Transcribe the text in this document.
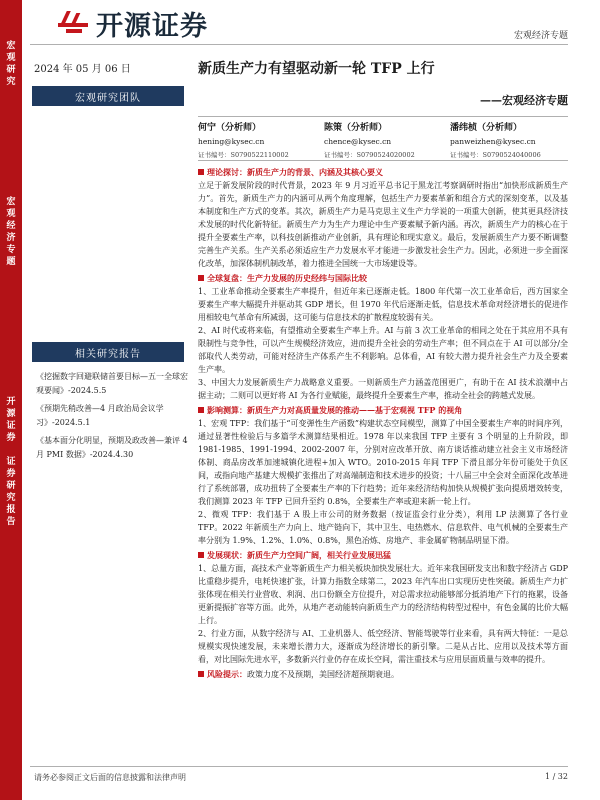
宏
观
研
究
宏
观
经
济
专
题
开
源
证
券

证
券
研
究
报
告
开源证券	宏观经济专题
2024 年 05 月 06 日
宏观研究团队
新质生产力有望驱动新一轮 TFP 上行
——宏观经济专题
何宁（分析师）
hening@kysec.cn
证书编号：S0790522110002
陈策（分析师）
chence@kysec.cn
证书编号：S0790524020002
潘纬桢（分析师）
panweizhen@kysec.cn
证书编号：S0790524040006
理论探讨：新质生产力的背景、内涵及其核心要义
立足于新发展阶段的时代背景，2023 年 9 月习近平总书记于黑龙江考察调研时指出“加快形成新质生产力”。首先，新质生产力的内涵可从两个角度理解，包括生产力要素革新和组合方式的深刻变革，以及基本制度和生产方式的变革。其次，新质生产力是马克思主义生产力学说的一项重大创新，使其更具经济技术发展的时代化新特征。新质生产力为生产力理论中生产要素赋予新内涵。再次，新质生产力的核心在于提升全要素生产率，以科技创新推动产业创新，具有理论和现实意义。最后，发展新质生产力要不断调整完善生产关系。生产关系必须适应生产力发展水平才能进一步激发社会生产力。因此，必须进一步全面深化改革，加深体制机制改革，着力推进全国统一大市场建设等。
全球复盘：生产力发展的历史经纬与国际比较
1、工业革命推动全要素生产率提升，但近年来已逐渐走低。1800 年代第一次工业革命后，西方国家全要素生产率大幅提升并驱动其 GDP 增长，但 1970 年代后逐渐走低，信息技术革命对经济增长的促进作用相较电气革命有所减弱，这可能与信息技术的扩散程度较弱有关。
2、AI 时代或将来临，有望推动全要素生产率上升。AI 与前 3 次工业革命的相同之处在于其应用不具有限制性与竞争性，可以产生规模经济效应，进而提升全社会的劳动生产率；但不同点在于 AI 可以部分/全部取代人类劳动，可能对经济生产体系产生不利影响。总体看，AI 有较大潜力提升社会生产力及全要素生产率。
3、中国大力发展新质生产力战略意义重要。一则新质生产力涵盖范围更广，有助于在 AI 技术浪潮中占据主动；二则可以更好将 AI 为各行业赋能，最终提升全要素生产率，推动全社会的跨越式发展。
影响测算：新质生产力对高质量发展的推动——基于宏观视 TFP 的视角
1、宏观 TFP：我们基于“可变弹性生产函数”构建状态空间模型，测算了中国全要素生产率的时间序列，通过显著性检验后与多篇学术测算结果相近。1978 年以来我国 TFP 主要有 3 个明显的上升阶段，即 1981-1985、1991-1994、2002-2007 年，分别对应改革开放、南方谈话推动建立社会主义市场经济体制、商品房改革加速城镇化进程+加入 WTO。2010-2015 年间 TFP 下滑且部分年份可能处于负区间，或指向地产基建大规模扩张推出了对高端制造和技术进步的投资；十八届三中全会对全面深化改革进行了系统部署，成功扭转了全要素生产率的下行趋势；近年来经济结构加快从规模扩张向提质增效转变，我们测算 2023 年 TFP 已回升至约 0.8%，全要素生产率或迎来新一轮上行。
2、微观 TFP：我们基于 A 股上市公司的财务数据（按证监会行业分类），利用 LP 法测算了各行业 TFP。2022 年新质生产力向上、地产链向下，其中卫生、电热燃水、信息软件、电气机械的全要素生产率分别为 1.9%、1.2%、1.0%、0.8%，黑色冶炼、房地产、非金属矿物制品明显下滑。
发展现状：新质生产力空间广阔，相关行业发展迅猛
1、总量方面，高技术产业等新质生产力相关板块加快发展壮大。近年来我国研发支出和数字经济占 GDP 比重稳步提升，电耗快速扩张，计算力指数全球第二，2023 年汽车出口实现历史性突破。新质生产力扩张体现在相关行业营收、利润、出口份额全方位提升，对总需求拉动能够部分抵消地产下行的拖累，设备更新提振扩容等方面。此外，从地产老动能转向新质生产力的经济结构转型过程中，有色金属的比价大幅上行。
2、行业方面，从数字经济与 AI、工业机器人、低空经济、智能驾驶等行业来看，具有两大特征：一是总规模实现快速发展，未来增长潜力大，逐渐成为经济增长的新引擎。二是从占比、应用以及技术等方面看，对比国际先进水平，多数新兴行业仍存在成长空间，需注重技术与应用层面质量与效率的提升。
风险提示：政策力度不及预期，美国经济超预期衰退。
相关研究报告
《挖掘数字回避联储首要目标—五一全球宏观要闻》-2024.5.5
《预期先稍改善—4 月政治局会议学习》-2024.5.1
《基本面分化明显，预期及政改善—兼评 4 月 PMI 数据》-2024.4.30
请务必参阅正文后面的信息披露和法律声明	1 / 32
